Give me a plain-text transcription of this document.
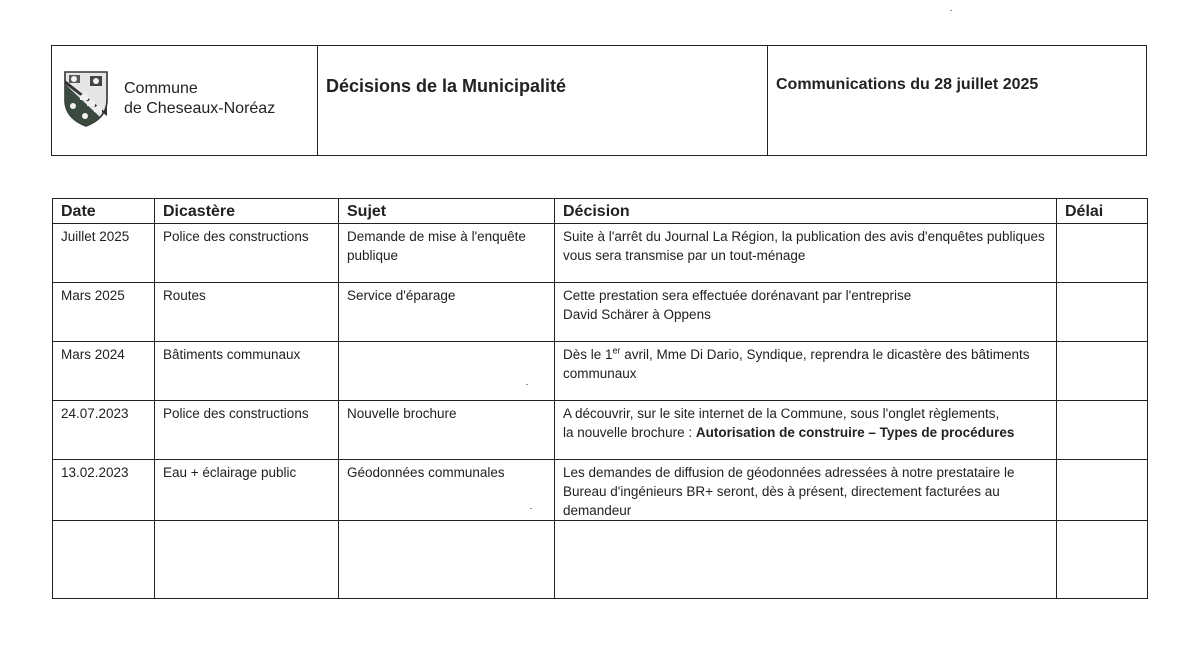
Commune
de Cheseaux-Noréaz
Décisions de la Municipalité	Communications du 28 juillet 2025
Date	Dicastère	Sujet	Décision	Délai
Juillet 2025	Police des constructions	Demande de mise à l'enquête publique	Suite à l'arrêt du Journal La Région, la publication des avis d'enquêtes publiques vous sera transmise par un tout-ménage	
Mars 2025	Routes	Service d'éparage	Cette prestation sera effectuée dorénavant par l'entreprise
David Schärer à Oppens	
Mars 2024	Bâtiments communaux		Dès le 1er avril, Mme Di Dario, Syndique, reprendra le dicastère des bâtiments communaux	
24.07.2023	Police des constructions	Nouvelle brochure	A découvrir, sur le site internet de la Commune, sous l'onglet règlements,
la nouvelle brochure : Autorisation de construire – Types de procédures	
13.02.2023	Eau + éclairage public	Géodonnées communales	Les demandes de diffusion de géodonnées adressées à notre prestataire le Bureau d'ingénieurs BR+ seront, dès à présent, directement facturées au demandeur	
